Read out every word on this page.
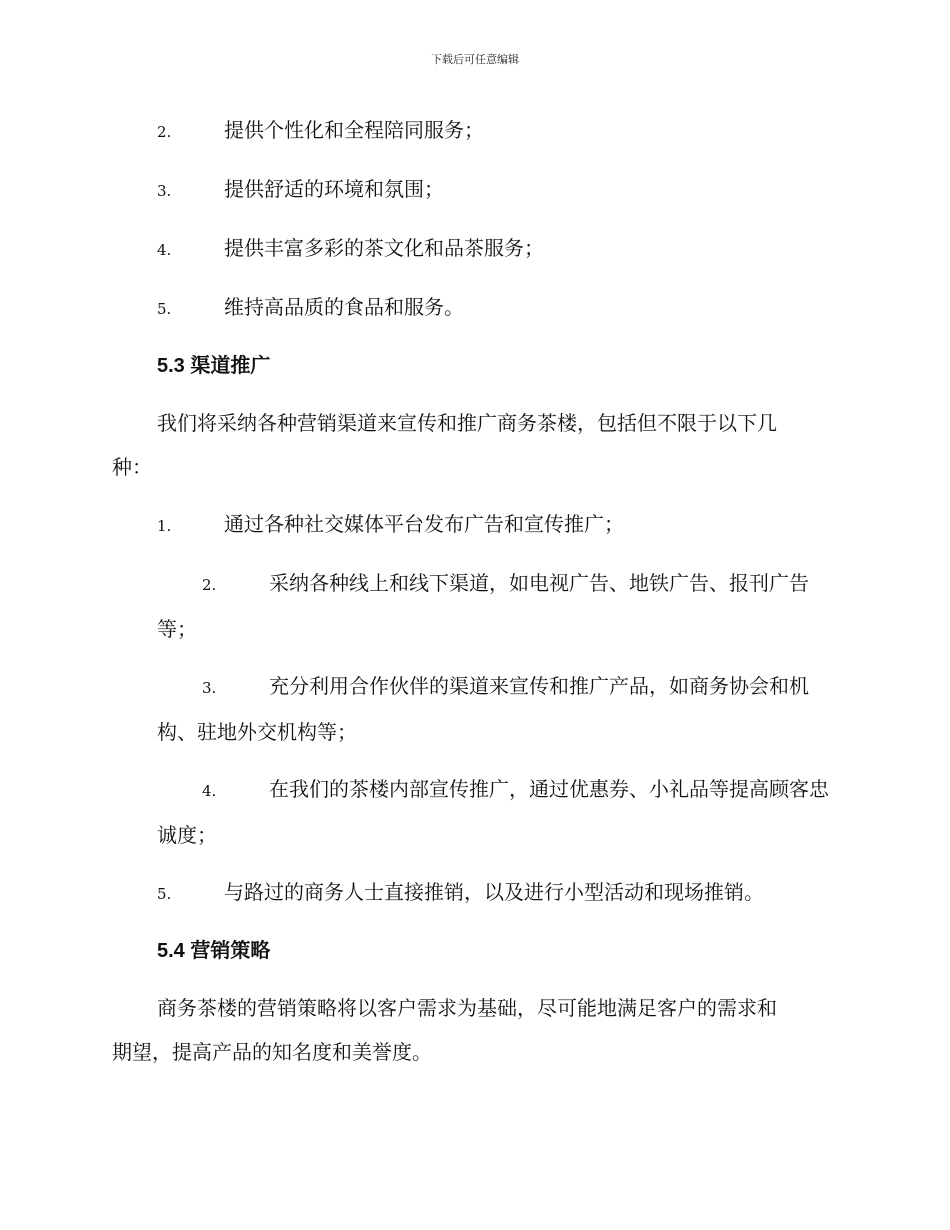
下载后可任意编辑
2.	提供个性化和全程陪同服务；
3.	提供舒适的环境和氛围；
4.	提供丰富多彩的茶文化和品茶服务；
5.	维持高品质的食品和服务。
5.3 渠道推广
我们将采纳各种营销渠道来宣传和推广商务茶楼，包括但不限于以下几
种：
1.	通过各种社交媒体平台发布广告和宣传推广；
2.	采纳各种线上和线下渠道，如电视广告、地铁广告、报刊广告
等；
3.	充分利用合作伙伴的渠道来宣传和推广产品，如商务协会和机
构、驻地外交机构等；
4.	在我们的茶楼内部宣传推广，通过优惠券、小礼品等提高顾客忠
诚度；
5.	与路过的商务人士直接推销，以及进行小型活动和现场推销。
5.4 营销策略
商务茶楼的营销策略将以客户需求为基础，尽可能地满足客户的需求和
期望，提高产品的知名度和美誉度。
